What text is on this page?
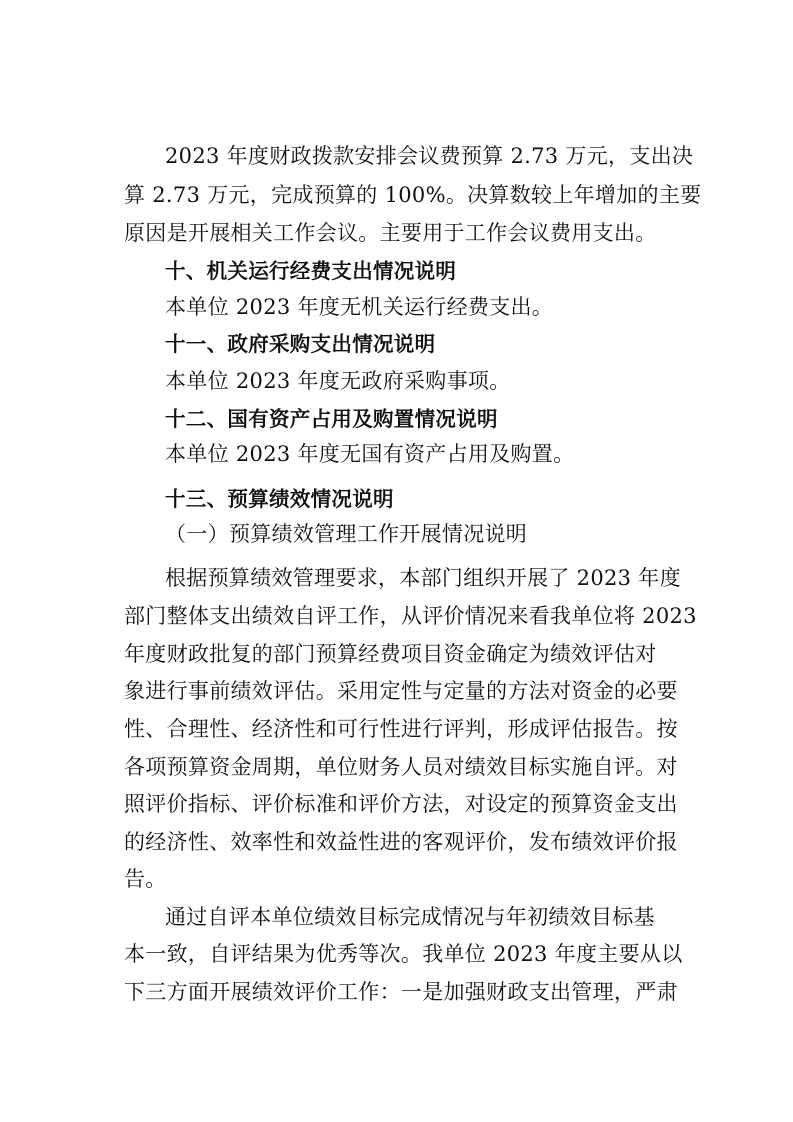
2023 年度财政拨款安排会议费预算 2.73 万元，支出决
算 2.73 万元，完成预算的 100%。决算数较上年增加的主要
原因是开展相关工作会议。主要用于工作会议费用支出。
十、机关运行经费支出情况说明
本单位 2023 年度无机关运行经费支出。
十一、政府采购支出情况说明
本单位 2023 年度无政府采购事项。
十二、国有资产占用及购置情况说明
本单位 2023 年度无国有资产占用及购置。
十三、预算绩效情况说明
（一）预算绩效管理工作开展情况说明
根据预算绩效管理要求，本部门组织开展了 2023 年度
部门整体支出绩效自评工作，从评价情况来看我单位将 2023
年度财政批复的部门预算经费项目资金确定为绩效评估对
象进行事前绩效评估。采用定性与定量的方法对资金的必要
性、合理性、经济性和可行性进行评判，形成评估报告。按
各项预算资金周期，单位财务人员对绩效目标实施自评。对
照评价指标、评价标准和评价方法，对设定的预算资金支出
的经济性、效率性和效益性进的客观评价，发布绩效评价报
告。
通过自评本单位绩效目标完成情况与年初绩效目标基
本一致，自评结果为优秀等次。我单位 2023 年度主要从以
下三方面开展绩效评价工作：一是加强财政支出管理，严肃
